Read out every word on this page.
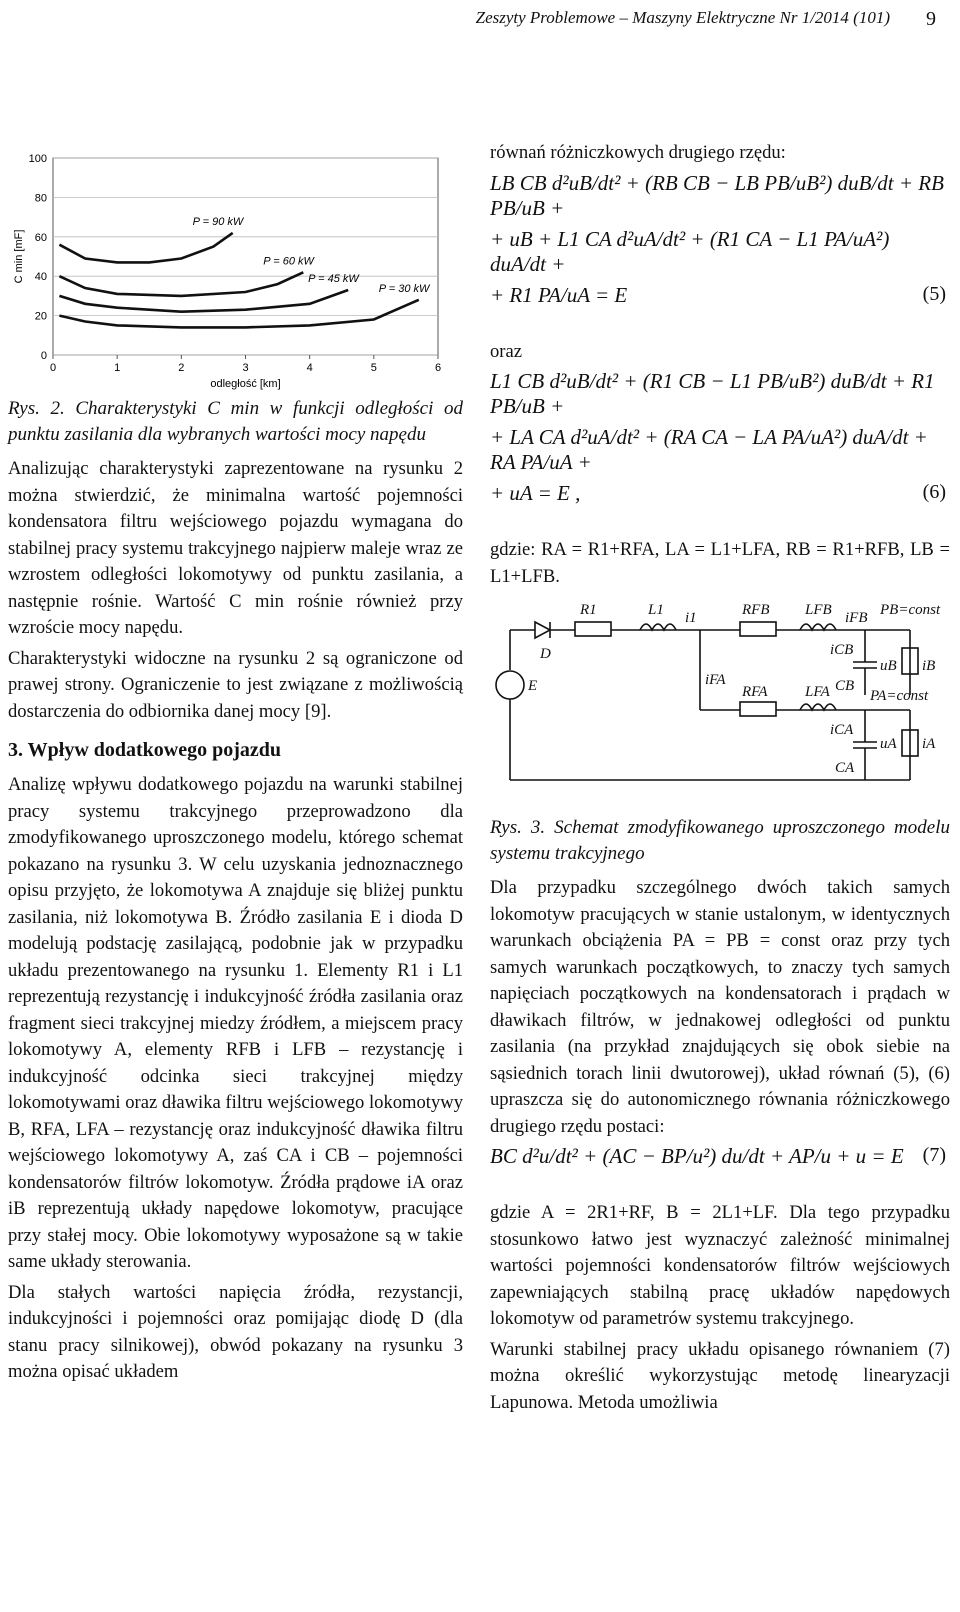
Zeszyty Problemowe – Maszyny Elektryczne Nr 1/2014 (101) 9
0
20
40
60
80
100
0	1	2	3	4	5	6
odległość [km]
C min [mF]
P = 90 kW
P = 60 kW
P = 45 kW
P = 30 kW

Rys. 2. Charakterystyki C min w funkcji odległości od punktu zasilania dla wybranych wartości mocy napędu

Analizując charakterystyki zaprezentowane na rysunku 2 można stwierdzić, że minimalna wartość pojemności kondensatora filtru wejściowego pojazdu wymagana do stabilnej pracy systemu trakcyjnego najpierw maleje wraz ze wzrostem odległości lokomotywy od punktu zasilania, a następnie rośnie. Wartość C min rośnie również przy wzroście mocy napędu.

Charakterystyki widoczne na rysunku 2 są ograniczone od prawej strony. Ograniczenie to jest związane z możliwością dostarczenia do odbiornika danej mocy [9].

3. Wpływ dodatkowego pojazdu

Analizę wpływu dodatkowego pojazdu na warunki stabilnej pracy systemu trakcyjnego przeprowadzono dla zmodyfikowanego uproszczonego modelu, którego schemat pokazano na rysunku 3. W celu uzyskania jednoznacznego opisu przyjęto, że lokomotywa A znajduje się bliżej punktu zasilania, niż lokomotywa B. Źródło zasilania E i dioda D modelują podstację zasilającą, podobnie jak w przypadku układu prezentowanego na rysunku 1. Elementy R1 i L1 reprezentują rezystancję i indukcyjność źródła zasilania oraz fragment sieci trakcyjnej miedzy źródłem, a miejscem pracy lokomotywy A, elementy RFB i LFB – rezystancję i indukcyjność odcinka sieci trakcyjnej między lokomotywami oraz dławika filtru wejściowego lokomotywy B, RFA, LFA – rezystancję oraz indukcyjność dławika filtru wejściowego lokomotywy A, zaś CA i CB – pojemności kondensatorów filtrów lokomotyw. Źródła prądowe iA oraz iB reprezentują układy napędowe lokomotyw, pracujące przy stałej mocy. Obie lokomotywy wyposażone są w takie same układy sterowania.

Dla stałych wartości napięcia źródła, rezystancji, indukcyjności i pojemności oraz pomijając diodę D (dla stanu pracy silnikowej), obwód pokazany na rysunku 3 można opisać układem

równań różniczkowych drugiego rzędu:

LB CB d²uB/dt² + (RB CB − LB PB/uB²) duB/dt + RB PB/uB +
+ uB + L1 CA d²uA/dt² + (R1 CA − L1 PA/uA²) duA/dt +
+ R1 PA/uA = E	(5)
oraz
L1 CB d²uB/dt² + (R1 CB − L1 PB/uB²) duB/dt + R1 PB/uB +
+ LA CA d²uA/dt² + (RA CA − LA PA/uA²) duA/dt + RA PA/uA +
+ uA = E ,	(6)

gdzie: RA = R1+RFA, LA = L1+LFA, RB = R1+RFB, LB = L1+LFB.

R1	L1 i1	RFB LFB iFB PB=const
iCB
uB iB
CB
E
D
iFA
RFA LFA	PA=const
iCA
uA iA
CA

Rys. 3. Schemat zmodyfikowanego uproszczonego modelu systemu trakcyjnego

Dla przypadku szczególnego dwóch takich samych lokomotyw pracujących w stanie ustalonym, w identycznych warunkach obciążenia PA = PB = const oraz przy tych samych warunkach początkowych, to znaczy tych samych napięciach początkowych na kondensatorach i prądach w dławikach filtrów, w jednakowej odległości od punktu zasilania (na przykład znajdujących się obok siebie na sąsiednich torach linii dwutorowej), układ równań (5), (6) upraszcza się do autonomicznego równania różniczkowego drugiego rzędu postaci:

BC d²u/dt² + (AC − BP/u²) du/dt + AP/u + u = E (7)

gdzie A = 2R1+RF, B = 2L1+LF. Dla tego przypadku stosunkowo łatwo jest wyznaczyć zależność minimalnej wartości pojemności kondensatorów filtrów wejściowych zapewniających stabilną pracę układów napędowych lokomotyw od parametrów systemu trakcyjnego.

Warunki stabilnej pracy układu opisanego równaniem (7) można określić wykorzystując metodę linearyzacji Lapunowa. Metoda umożliwia
